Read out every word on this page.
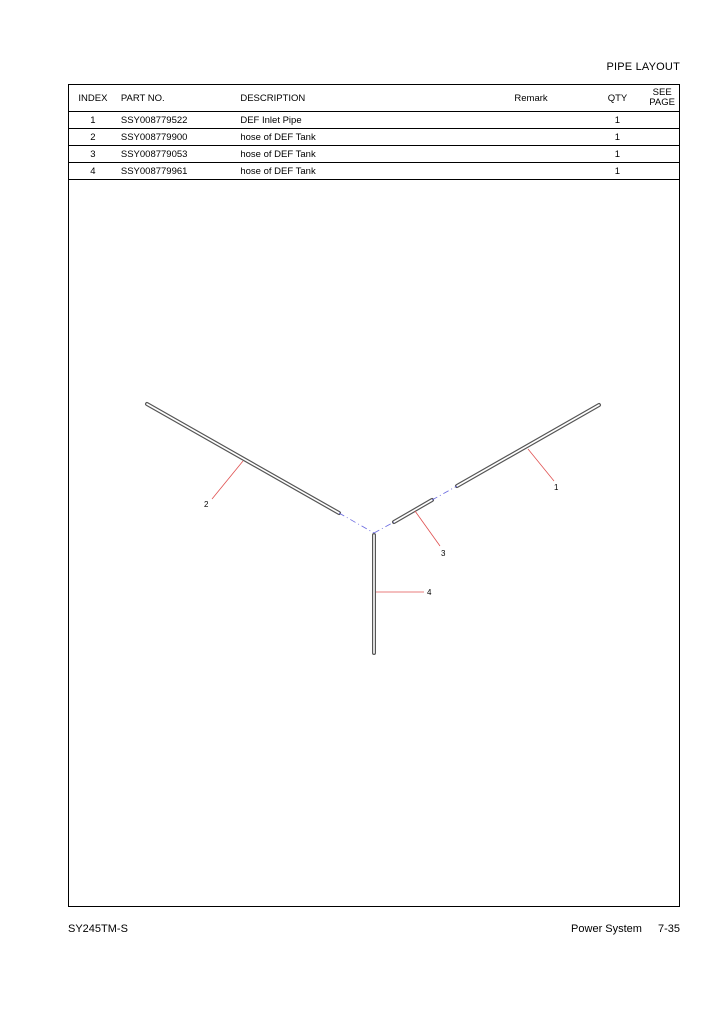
PIPE LAYOUT
INDEX	PART NO.	DESCRIPTION	Remark	QTY	SEE
PAGE

1	SSY008779522	DEF Inlet Pipe		1	
2	SSY008779900	hose of DEF Tank		1	
3	SSY008779053	hose of DEF Tank		1	
4	SSY008779961	hose of DEF Tank		1	
1
2
3
4
SY245TM-S	Power System 7-35
